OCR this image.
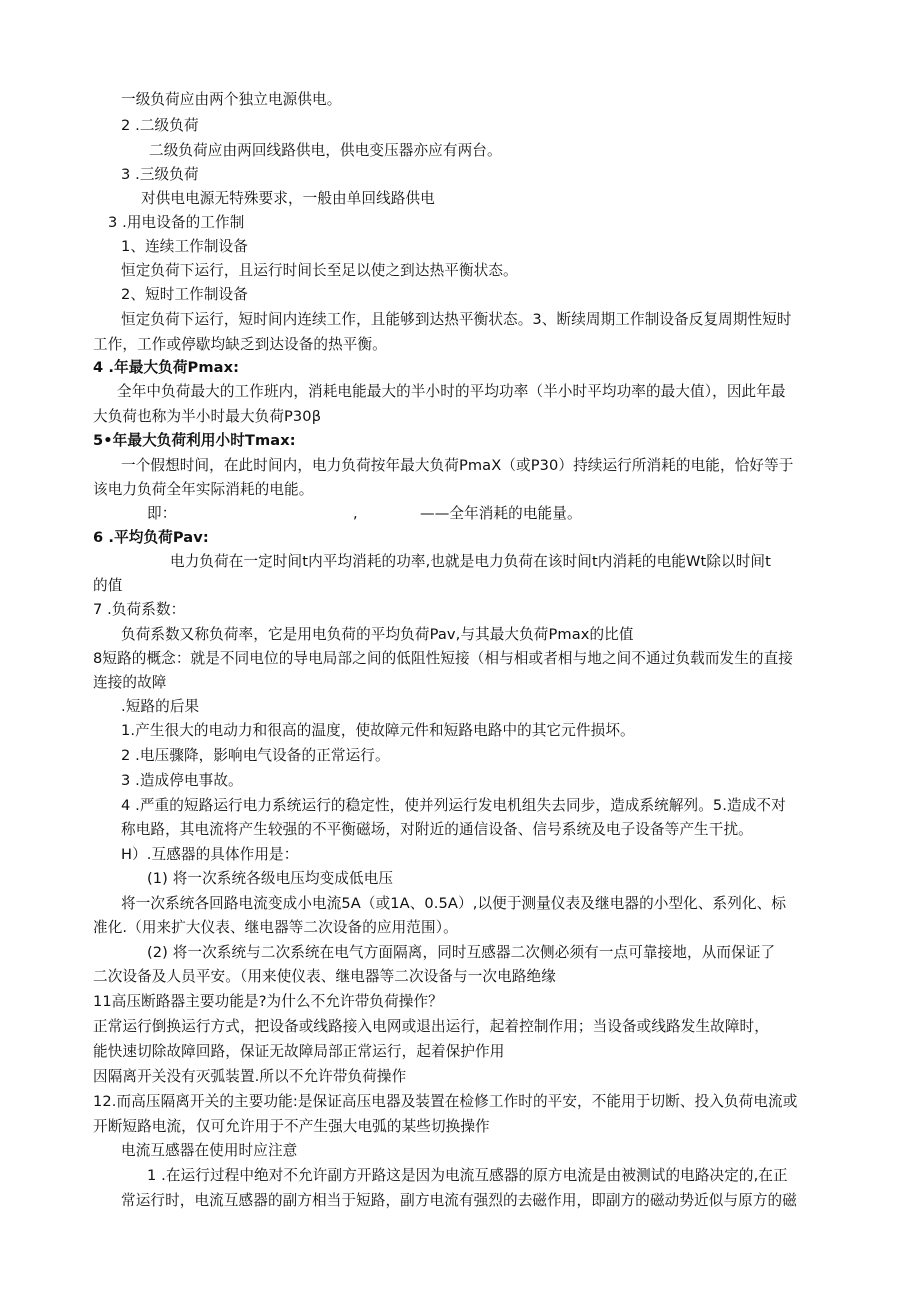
一级负荷应由两个独立电源供电。
2 .二级负荷
二级负荷应由两回线路供电，供电变压器亦应有两台。
3 .三级负荷
对供电电源无特殊要求，一般由单回线路供电
3 .用电设备的工作制
1、连续工作制设备
恒定负荷下运行，且运行时间长至足以使之到达热平衡状态。
2、短时工作制设备
恒定负荷下运行，短时间内连续工作，且能够到达热平衡状态。3、断续周期工作制设备反复周期性短时
工作，工作或停歇均缺乏到达设备的热平衡。
4 .年最大负荷Pmax:
全年中负荷最大的工作班内，消耗电能最大的半小时的平均功率（半小时平均功率的最大值），因此年最
大负荷也称为半小时最大负荷P30β
5•年最大负荷利用小时Tmax:
一个假想时间，在此时间内，电力负荷按年最大负荷PmaX（或P30）持续运行所消耗的电能，恰好等于
该电力负荷全年实际消耗的电能。
即：	,	——全年消耗的电能量。
6 .平均负荷Pav:
电力负荷在一定时间t内平均消耗的功率,也就是电力负荷在该时间t内消耗的电能Wt除以时间t
的值
7 .负荷系数：
负荷系数又称负荷率，它是用电负荷的平均负荷Pav,与其最大负荷Pmax的比值
8短路的概念：就是不同电位的导电局部之间的低阻性短接（相与相或者相与地之间不通过负载而发生的直接
连接的故障
.短路的后果
1.产生很大的电动力和很高的温度，使故障元件和短路电路中的其它元件损坏。
2 .电压骤降，影响电气设备的正常运行。
3 .造成停电事故。
4 .严重的短路运行电力系统运行的稳定性，使并列运行发电机组失去同步，造成系统解列。5.造成不对
称电路，其电流将产生较强的不平衡磁场，对附近的通信设备、信号系统及电子设备等产生干扰。
H）.互感器的具体作用是：
(1) 将一次系统各级电压均变成低电压
将一次系统各回路电流变成小电流5A（或1A、0.5A）,以便于测量仪表及继电器的小型化、系列化、标
准化.（用来扩大仪表、继电器等二次设备的应用范围）。
(2) 将一次系统与二次系统在电气方面隔离，同时互感器二次侧必须有一点可靠接地，从而保证了
二次设备及人员平安。（用来使仪表、继电器等二次设备与一次电路绝缘
11高压断路器主要功能是?为什么不允许带负荷操作？
正常运行倒换运行方式，把设备或线路接入电网或退出运行，起着控制作用；当设备或线路发生故障时，
能快速切除故障回路，保证无故障局部正常运行，起着保护作用
因隔离开关没有灭弧装置.所以不允许带负荷操作
12.而高压隔离开关的主要功能:是保证高压电器及装置在检修工作时的平安，不能用于切断、投入负荷电流或
开断短路电流，仅可允许用于不产生强大电弧的某些切换操作
电流互感器在使用时应注意
1 .在运行过程中绝对不允许副方开路这是因为电流互感器的原方电流是由被测试的电路决定的,在正
常运行时，电流互感器的副方相当于短路，副方电流有强烈的去磁作用，即副方的磁动势近似与原方的磁
